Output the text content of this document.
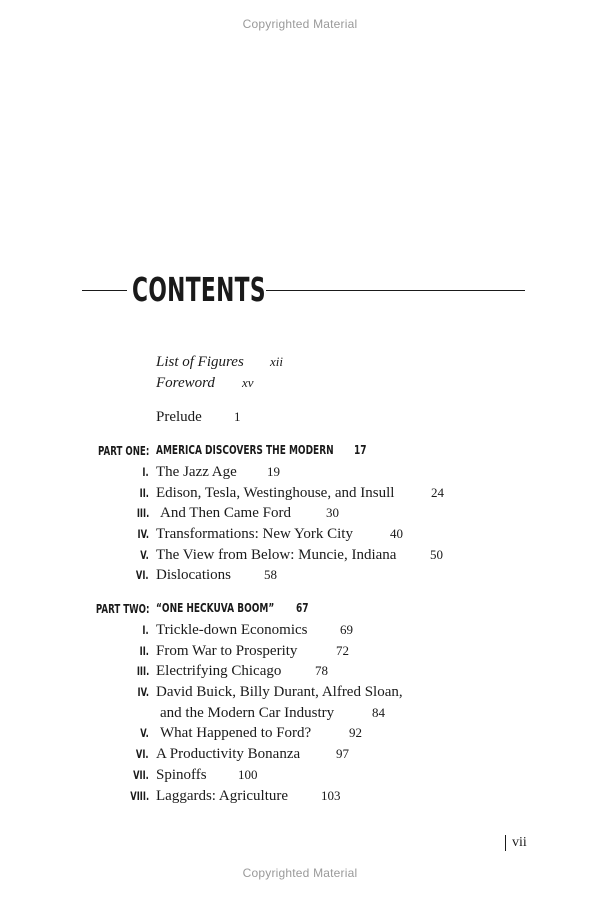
Copyrighted Material
CONTENTS
List of Figures xii
Foreword xv
Prelude 1
PART ONE: AMERICA DISCOVERS THE MODERN 17
I. The Jazz Age 19
II. Edison, Tesla, Westinghouse, and Insull	24
III. And Then Came Ford	30
IV. Transformations: New York City	40
V. The View from Below: Muncie, Indiana	50
VI. Dislocations	58
PART TWO: “ONE HECKUVA BOOM” 67
I. Trickle-down Economics 69
II. From War to Prosperity	72
III. Electrifying Chicago	78
IV. David Buick, Billy Durant, Alfred Sloan,
and the Modern Car Industry	84
V. What Happened to Ford?	92
VI. A Productivity Bonanza	97
VII. Spinoffs 100
VIII. Laggards: Agriculture	103
vii
Copyrighted Material
